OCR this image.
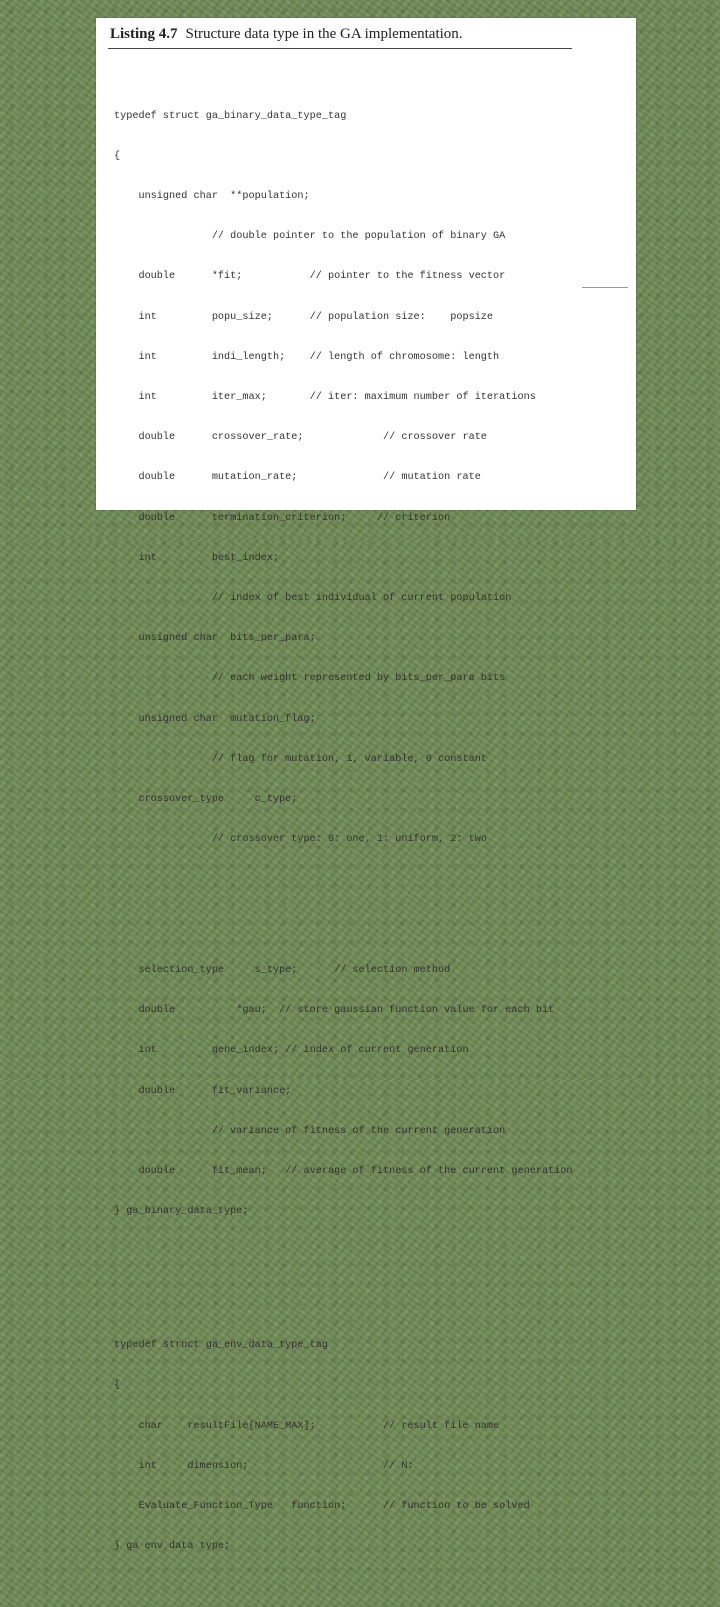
Listing 4.7 Structure data type in the GA implementation.

typedef struct ga_binary_data_type_tag

{

unsigned char  **population;

// double pointer to the population of binary GA

double      *fit;           // pointer to the fitness vector

int         popu_size;      // population size:    popsize

int         indi_length;    // length of chromosome: length

int         iter_max;       // iter: maximum number of iterations

double      crossover_rate;             // crossover rate

double      mutation_rate;              // mutation rate

double      termination_criterion;     // criterion

int         best_index;

// index of best individual of current population

unsigned char  bits_per_para;

// each weight represented by bits_per_para bits

unsigned char  mutation_flag;

// flag for mutation, 1, variable, 0 constant

crossover_type     c_type;

// crossover type: 0: one, 1: uniform, 2: two

selection_type     s_type;      // selection method

double          *gau;  // store gaussian function value for each bit

int         gene_index; // index of current generation

double      fit_variance;

// variance of fitness of the current generation

double      fit_mean;   // average of fitness of the current generation

} ga_binary_data_type;

typedef struct ga_env_data_type_tag

{

char    resultFile[NAME_MAX];           // result file name

int     dimension;                      // N:

Evaluate_Function_Type   function;      // function to be solved

} ga env data type;
